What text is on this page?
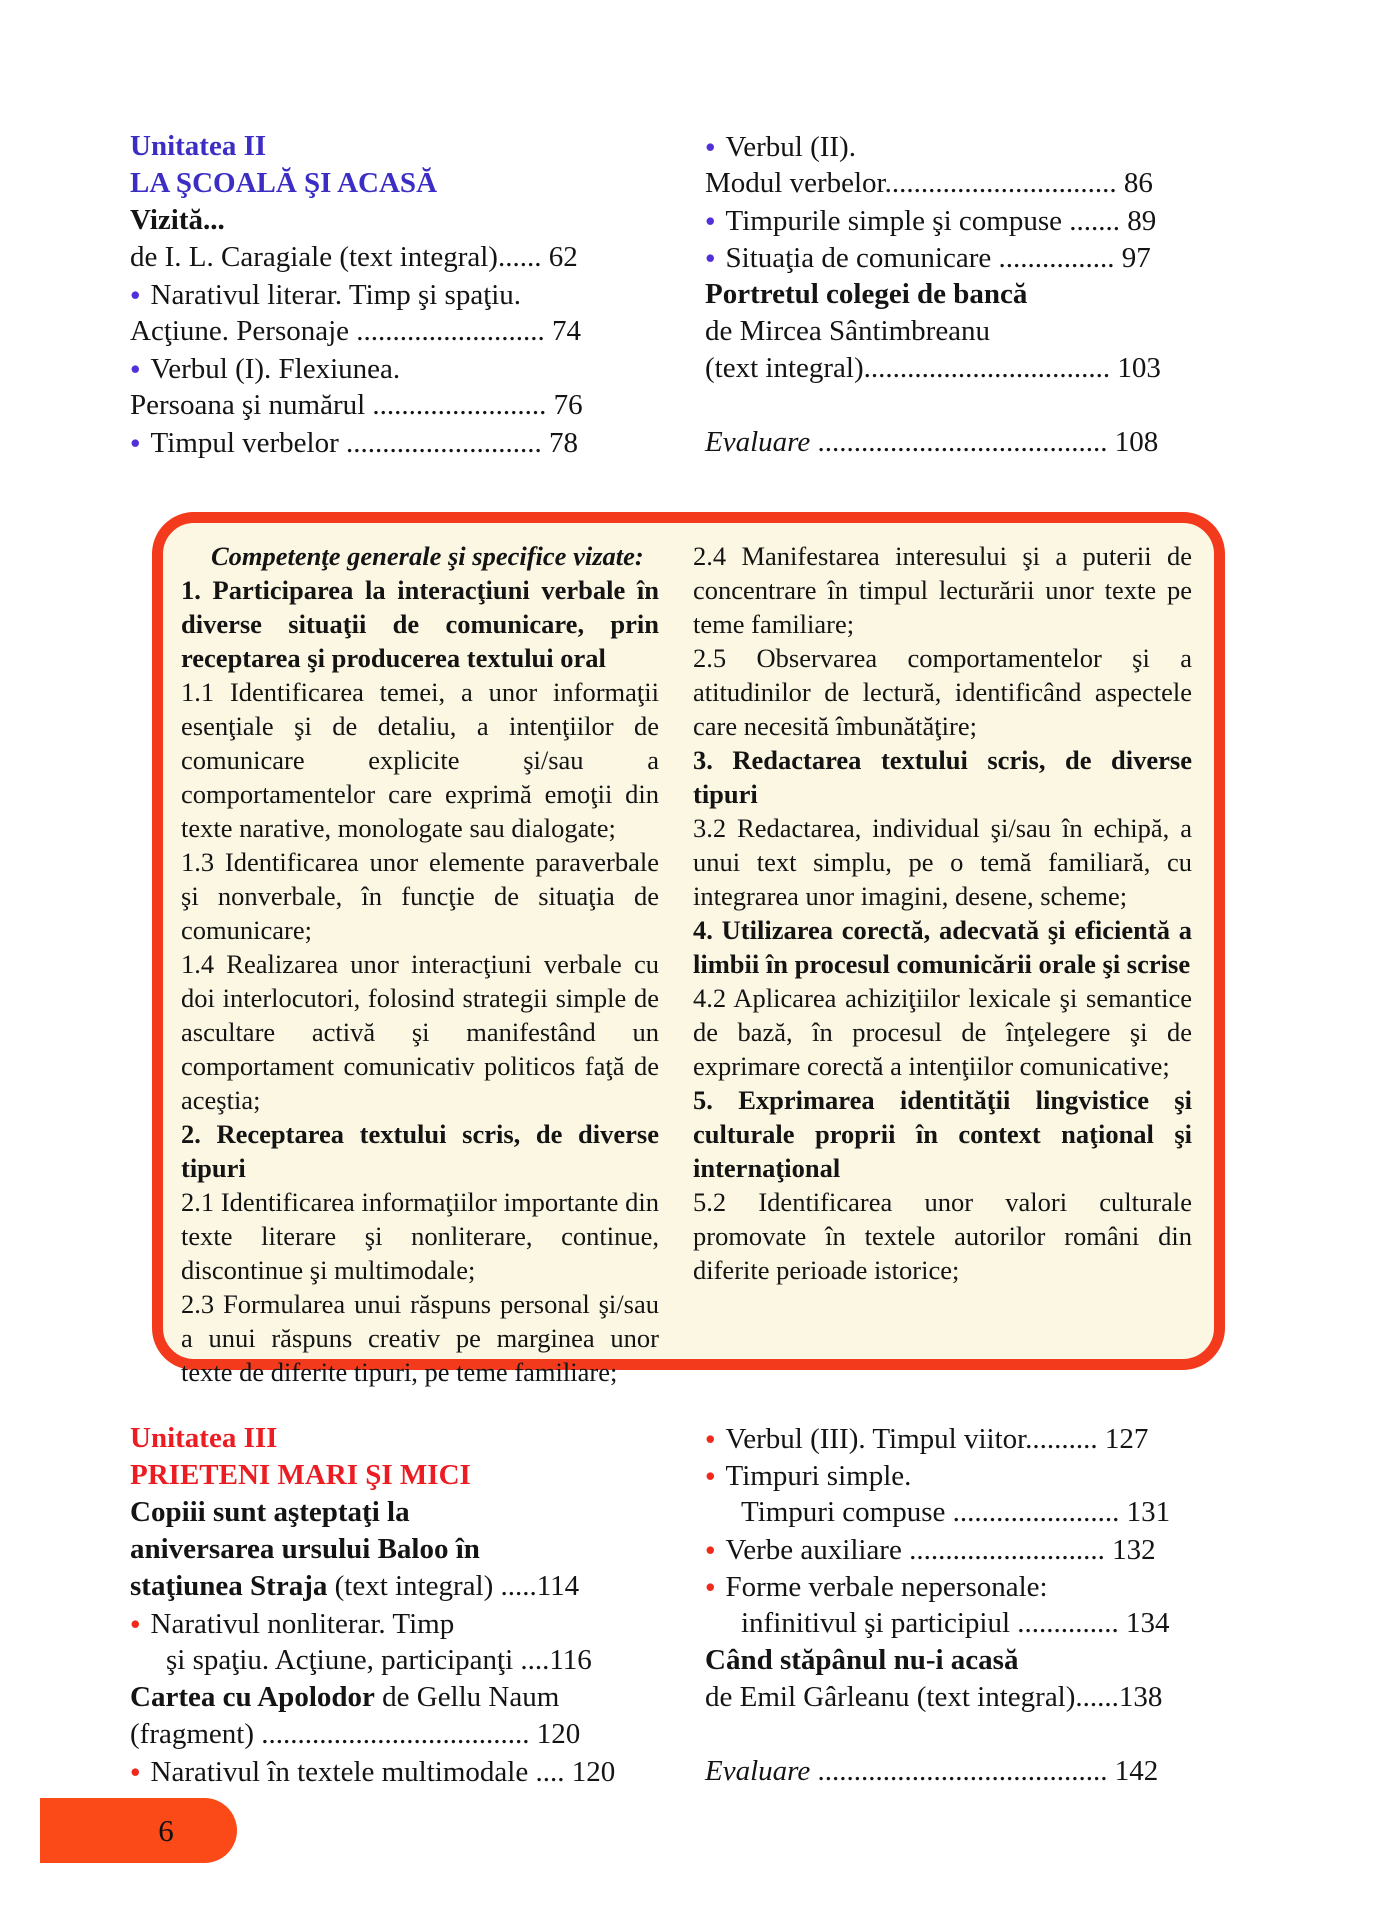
Unitatea II
LA ŞCOALĂ ŞI ACASĂ
Vizită...
de I. L. Caragiale (text integral)...... 62
● Narativul literar. Timp şi spaţiu.
Acţiune. Personaje .......................... 74
● Verbul (I). Flexiunea.
Persoana şi numărul ........................ 76
● Timpul verbelor ........................... 78
● Verbul (II).
Modul verbelor................................ 86
● Timpurile simple şi compuse ....... 89
● Situaţia de comunicare ................ 97
Portretul colegei de bancă
de Mircea Sântimbreanu
(text integral).................................. 103
Evaluare ........................................ 108

Competenţe generale şi specifice vizate:

1. Participarea la interacţiuni verbale în diverse situaţii de comunicare, prin receptarea şi producerea textului oral

1.1 Identificarea temei, a unor informaţii esenţiale şi de detaliu, a intenţiilor de comunicare explicite şi/sau a comportamentelor care exprimă emoţii din texte narative, monologate sau dialogate;

1.3 Identificarea unor elemente paraverbale şi nonverbale, în funcţie de situaţia de comunicare;

1.4 Realizarea unor interacţiuni verbale cu doi interlocutori, folosind strategii simple de ascultare activă şi manifestând un comportament comunicativ politicos faţă de aceştia;

2. Receptarea textului scris, de diverse tipuri

2.1 Identificarea informaţiilor importante din texte literare şi nonliterare, continue, discontinue şi multimodale;

2.3 Formularea unui răspuns personal şi/sau a unui răspuns creativ pe marginea unor texte de diferite tipuri, pe teme familiare;

2.4 Manifestarea interesului şi a puterii de concentrare în timpul lecturării unor texte pe teme familiare;

2.5 Observarea comportamentelor şi a atitudinilor de lectură, identificând aspectele care necesită îmbunătăţire;

3. Redactarea textului scris, de diverse tipuri

3.2 Redactarea, individual şi/sau în echipă, a unui text simplu, pe o temă familiară, cu integrarea unor imagini, desene, scheme;

4. Utilizarea corectă, adecvată şi eficientă a limbii în procesul comunicării orale şi scrise

4.2 Aplicarea achiziţiilor lexicale şi semantice de bază, în procesul de înţelegere şi de exprimare corectă a intenţiilor comunicative;

5. Exprimarea identităţii lingvistice şi culturale proprii în context naţional şi internaţional

5.2 Identificarea unor valori culturale promovate în textele autorilor români din diferite perioade istorice;

Unitatea III
PRIETENI MARI ŞI MICI
Copiii sunt aşteptaţi la
aniversarea ursului Baloo în
staţiunea Straja (text integral) .....114
● Narativul nonliterar. Timp
şi spaţiu. Acţiune, participanţi ....116
Cartea cu Apolodor de Gellu Naum
(fragment) ..................................... 120
● Narativul în textele multimodale .... 120
● Verbul (III). Timpul viitor.......... 127
● Timpuri simple.
Timpuri compuse ....................... 131
● Verbe auxiliare ........................... 132
● Forme verbale nepersonale:
infinitivul şi participiul .............. 134
Când stăpânul nu-i acasă
de Emil Gârleanu (text integral)......138
Evaluare ........................................ 142
6
